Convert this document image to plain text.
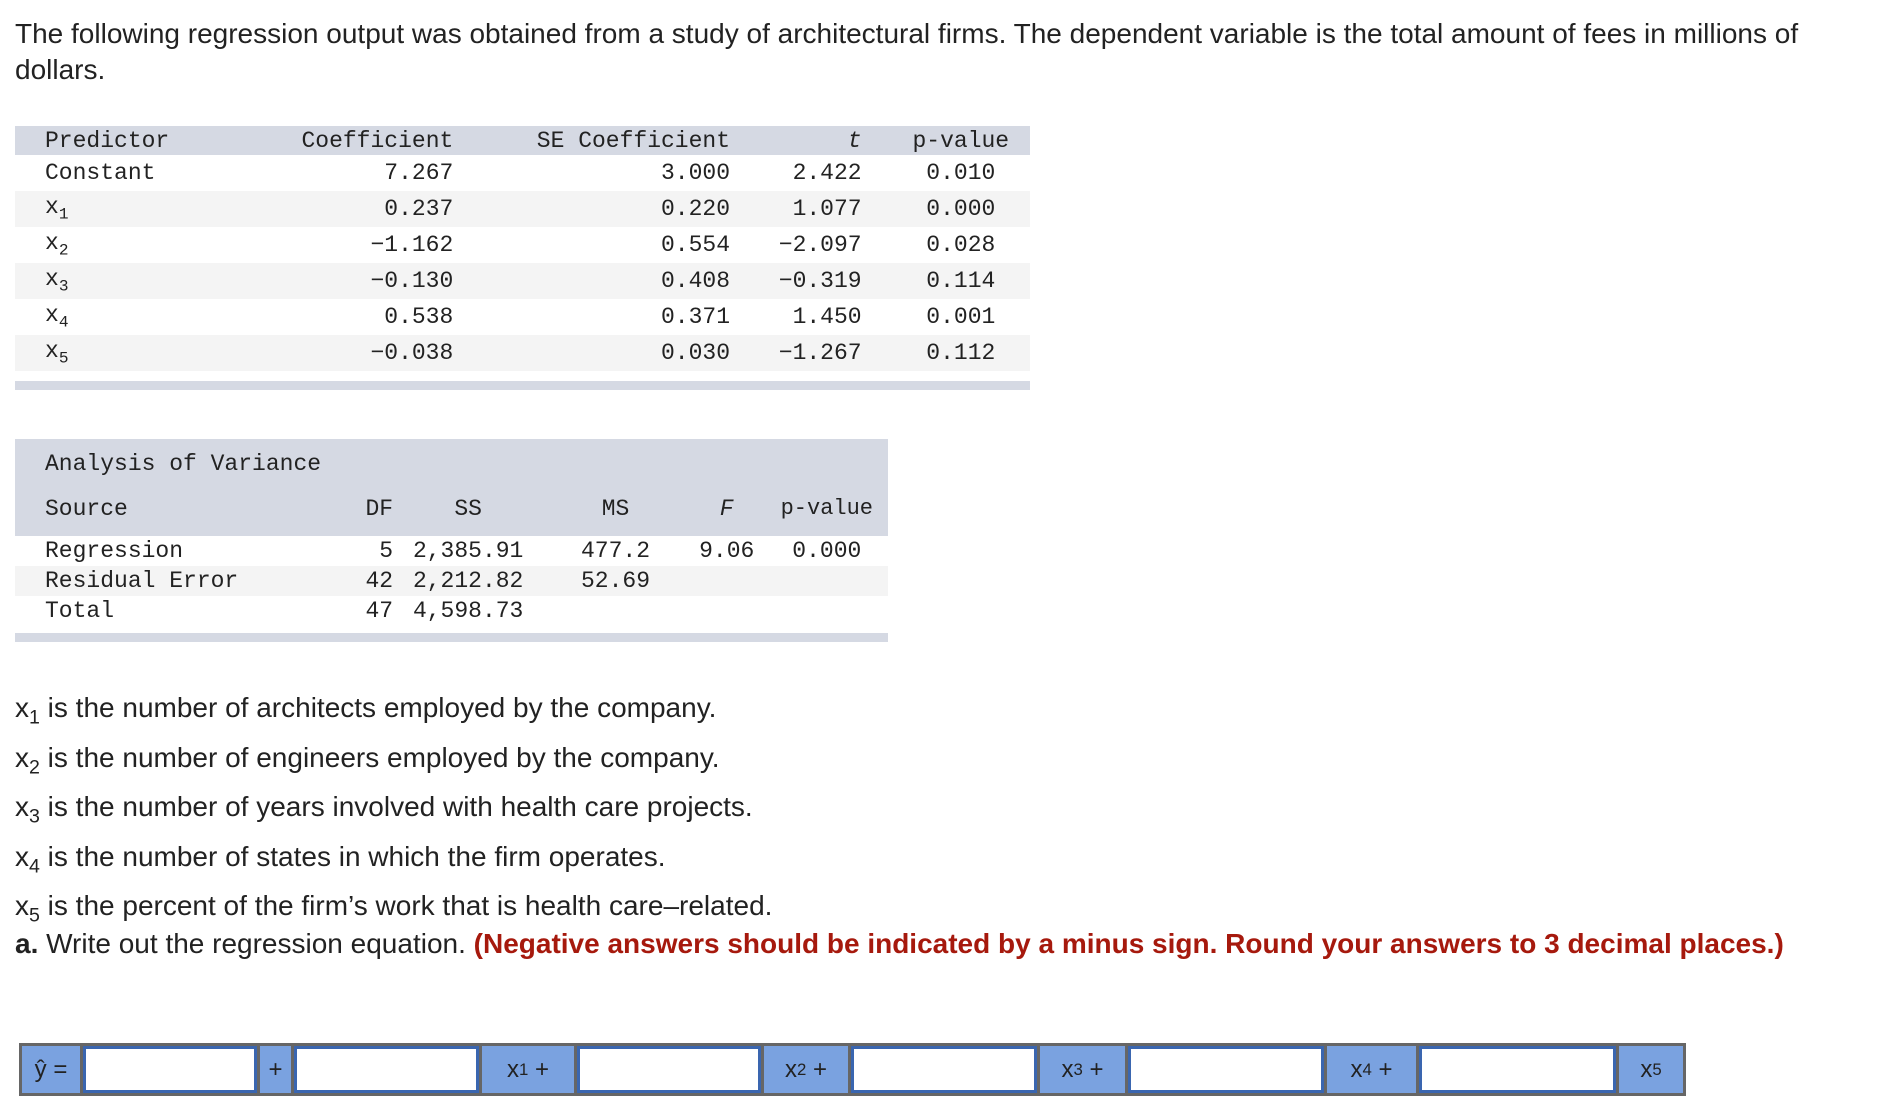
The following regression output was obtained from a study of architectural firms. The dependent variable is the total amount of fees in millions of dollars.
Predictor	Coefficient	SE Coefficient	t	p-value
Constant	7.267	3.000	2.422	0.010
$x_1$	0.237	0.220	1.077	0.000
$x_2$	−1.162	0.554	−2.097	0.028
$x_3$	−0.130	0.408	−0.319	0.114
$x_4$	0.538	0.371	1.450	0.001
$x_5$	−0.038	0.030	−1.267	0.112
Analysis of Variance					
Source	DF	SS	MS	F	p-value
Regression	5	2,385.91	477.2	9.06	0.000
Residual Error	42	2,212.82	52.69		
Total	47	4,598.73			
$x_1$ is the number of architects employed by the company.
$x_2$ is the number of engineers employed by the company.
$x_3$ is the number of years involved with health care projects.
$x_4$ is the number of states in which the firm operates.
$x_5$ is the percent of the firm’s work that is health care–related.
a. Write out the regression equation. (Negative answers should be indicated by a minus sign. Round your answers to 3 decimal places.)
ŷ =	+	x 1 +	x 2 +	x 3 +	x 4 +	x 5
